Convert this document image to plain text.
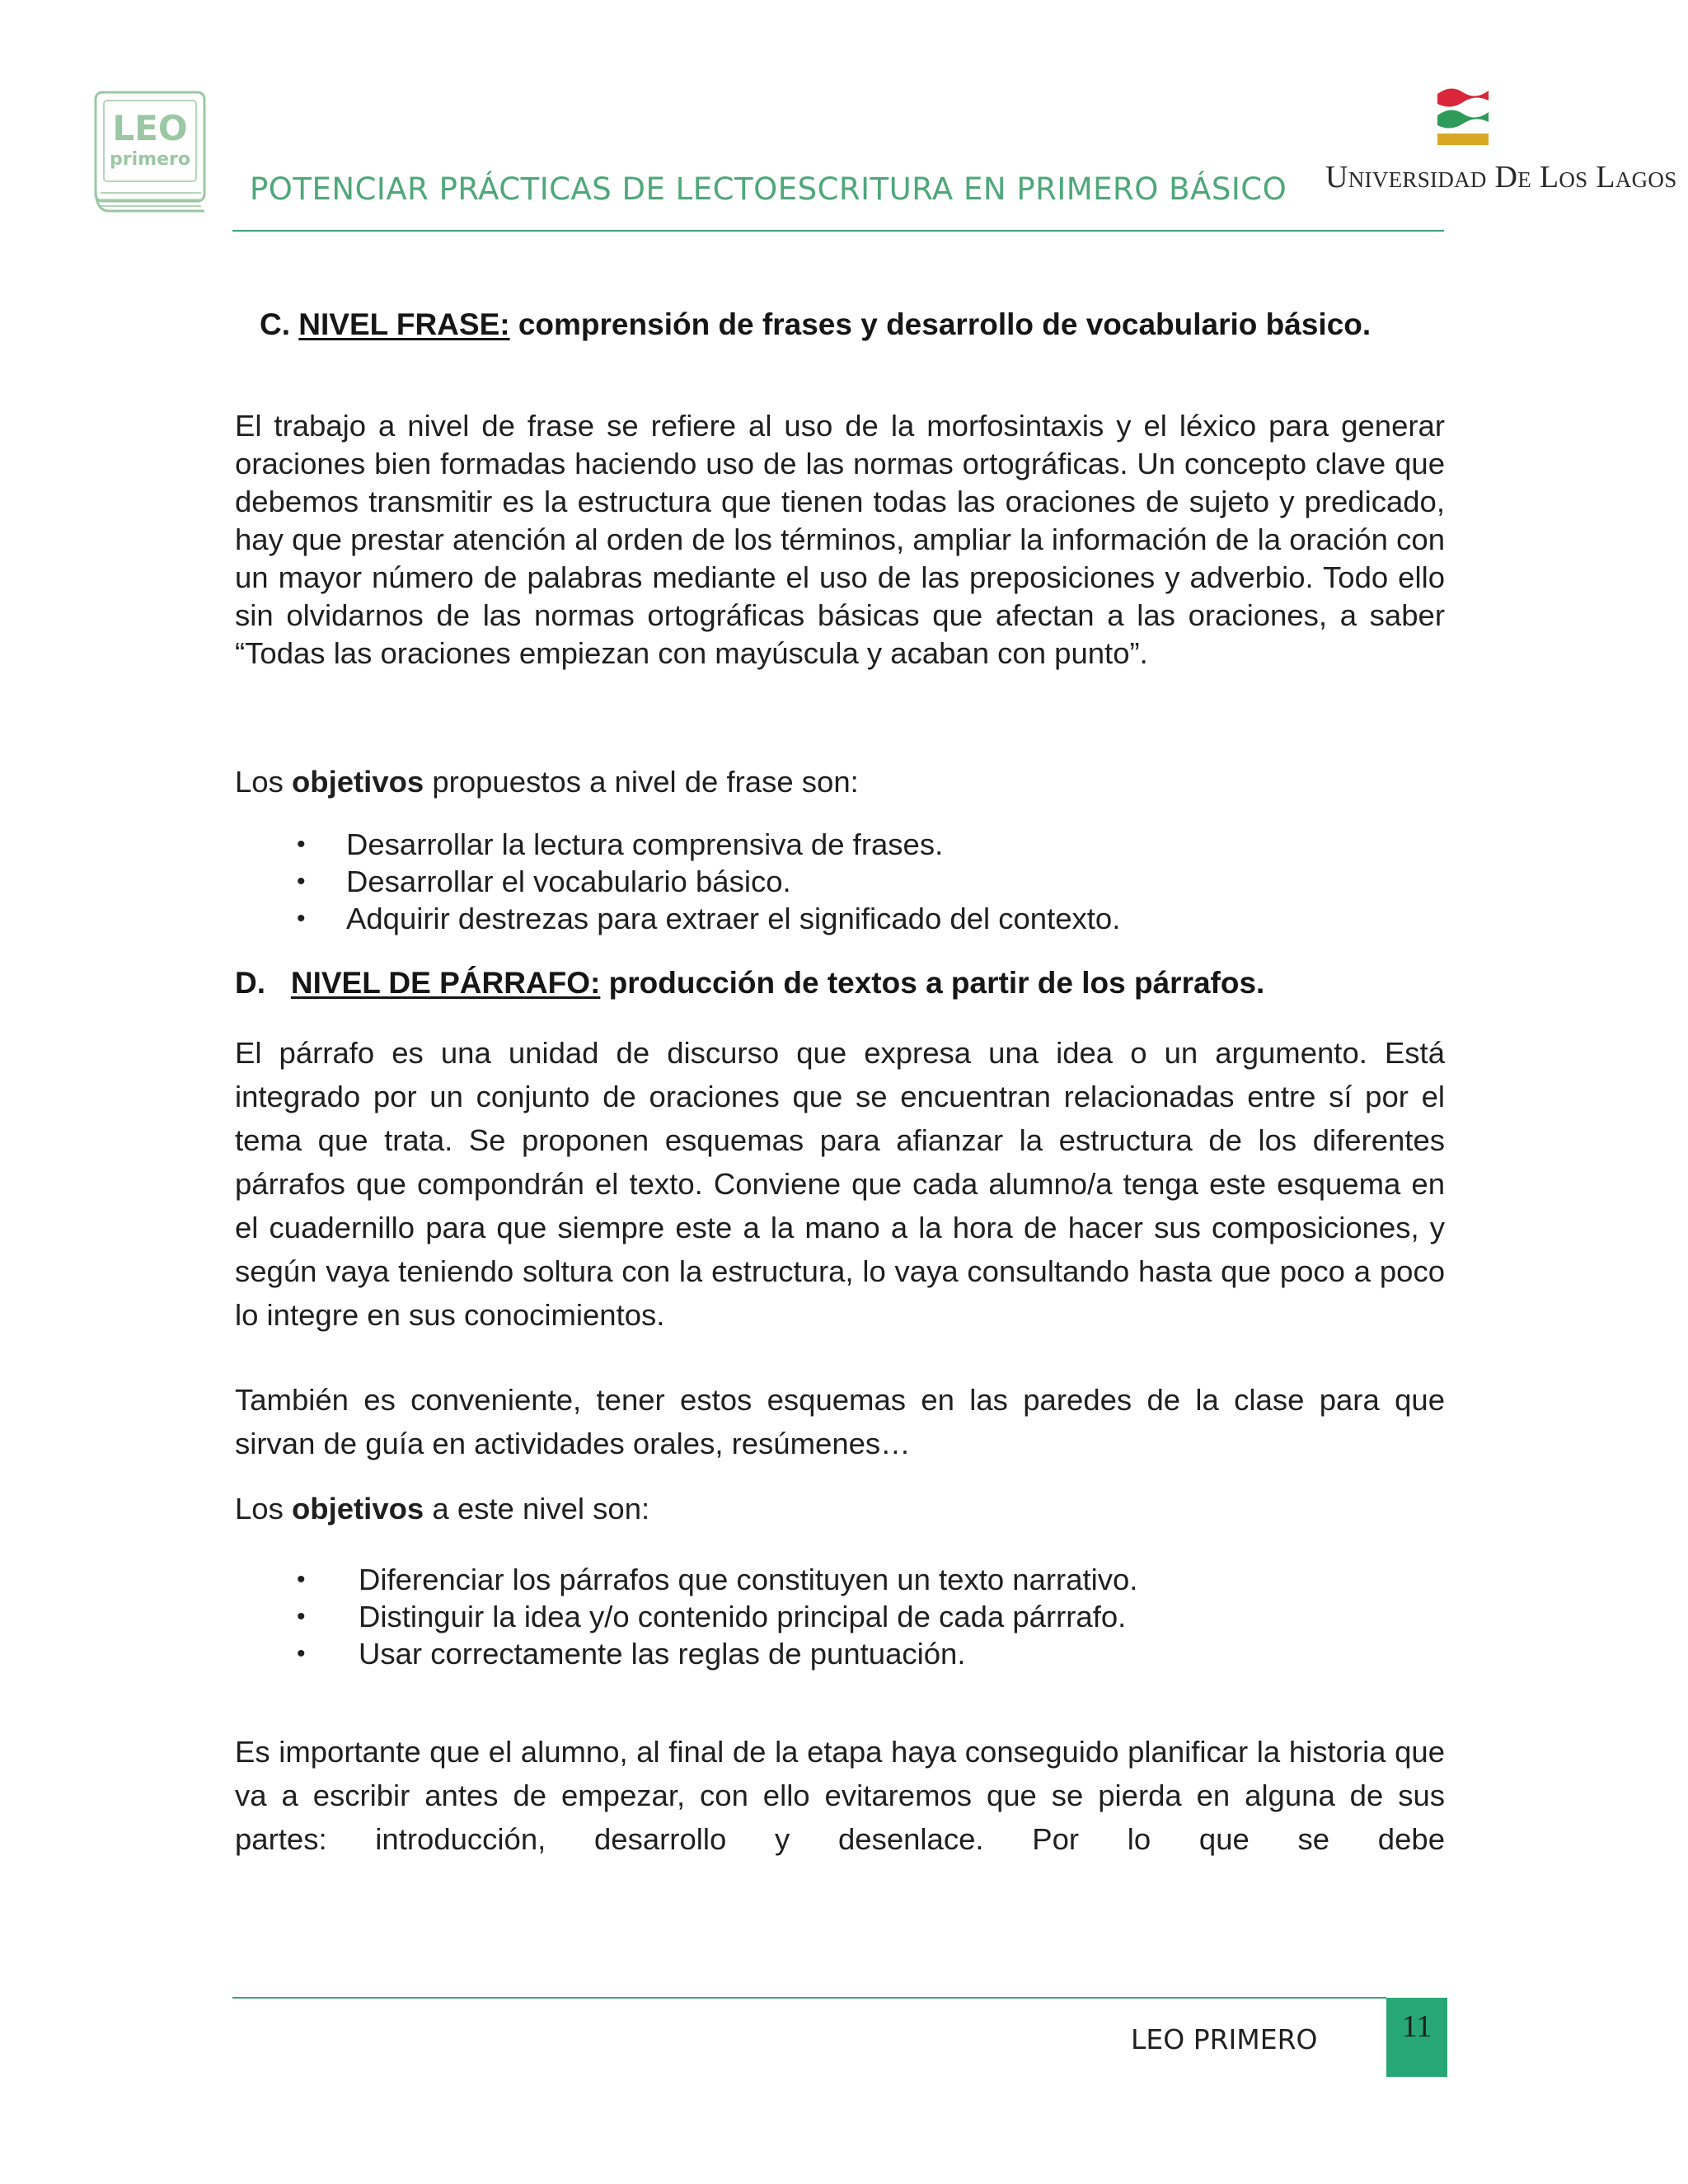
LEO
primero
POTENCIAR PRÁCTICAS DE LECTOESCRITURA EN PRIMERO BÁSICO	Universidad De Los Lagos
C. NIVEL FRASE: comprensión de frases y desarrollo de vocabulario básico.

El trabajo a nivel de frase se refiere al uso de la morfosintaxis y el léxico para generar oraciones bien formadas haciendo uso de las normas ortográficas. Un concepto clave que debemos transmitir es la estructura que tienen todas las oraciones de sujeto y predicado, hay que prestar atención al orden de los términos, ampliar la información de la oración con un mayor número de palabras mediante el uso de las preposiciones y adverbio. Todo ello sin olvidarnos de las normas ortográficas básicas que afectan a las oraciones, a saber “Todas las oraciones empiezan con mayúscula y acaban con punto”.

Los objetivos propuestos a nivel de frase son:

• Desarrollar la lectura comprensiva de frases.
• Desarrollar el vocabulario básico.
• Adquirir destrezas para extraer el significado del contexto.
D. NIVEL DE PÁRRAFO: producción de textos a partir de los párrafos.

El párrafo es una unidad de discurso que expresa una idea o un argumento. Está integrado por un conjunto de oraciones que se encuentran relacionadas entre sí por el tema que trata. Se proponen esquemas para afianzar la estructura de los diferentes párrafos que compondrán el texto. Conviene que cada alumno/a tenga este esquema en el cuadernillo para que siempre este a la mano a la hora de hacer sus composiciones, y según vaya teniendo soltura con la estructura, lo vaya consultando hasta que poco a poco lo integre en sus conocimientos.

También es conveniente, tener estos esquemas en las paredes de la clase para que sirvan de guía en actividades orales, resúmenes…

Los objetivos a este nivel son:

• Diferenciar los párrafos que constituyen un texto narrativo.
• Distinguir la idea y/o contenido principal de cada párrrafo.
• Usar correctamente las reglas de puntuación.

Es importante que el alumno, al final de la etapa haya conseguido planificar la historia que va a escribir antes de empezar, con ello evitaremos que se pierda en alguna de sus partes: introducción, desarrollo y desenlace. Por lo que se debe

LEO PRIMERO	11
